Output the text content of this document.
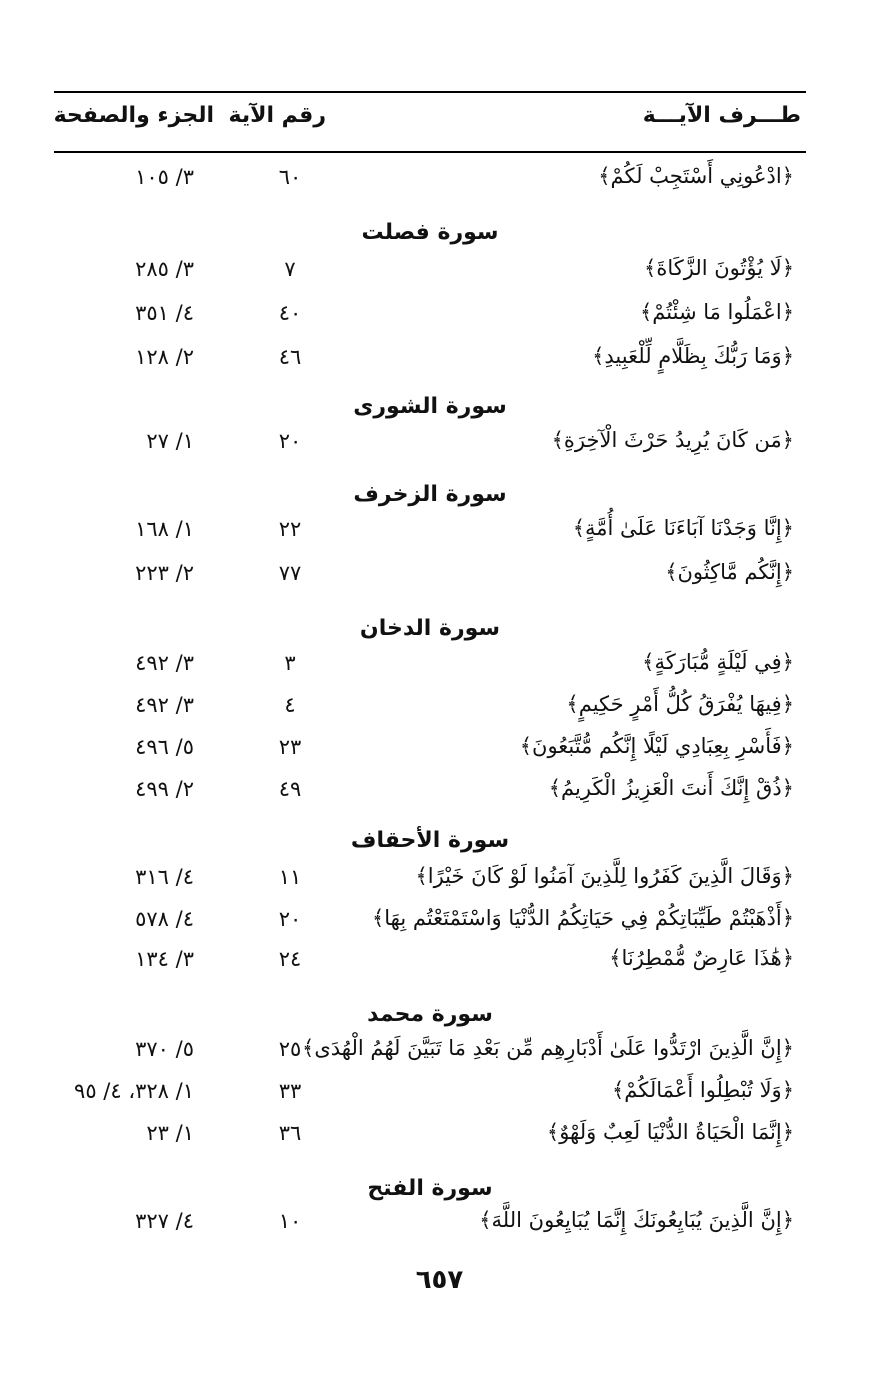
طـــرف الآيـــة
رقم الآية
الجزء والصفحة
﴿ادْعُونِي أَسْتَجِبْ لَكُمْ﴾
٦٠
٣/ ١٠٥
سورة فصلت
﴿لَا يُؤْتُونَ الزَّكَاةَ﴾
٧
٣/ ٢٨٥
﴿اعْمَلُوا مَا شِئْتُمْ﴾
٤٠
٤/ ٣٥١
﴿وَمَا رَبُّكَ بِظَلَّامٍ لِّلْعَبِيدِ﴾
٤٦
٢/ ١٢٨
سورة الشورى
﴿مَن كَانَ يُرِيدُ حَرْثَ الْآخِرَةِ﴾
٢٠
١/ ٢٧
سورة الزخرف
﴿إِنَّا وَجَدْنَا آبَاءَنَا عَلَىٰ أُمَّةٍ﴾
٢٢
١/ ١٦٨
﴿إِنَّكُم مَّاكِثُونَ﴾
٧٧
٢/ ٢٢٣
سورة الدخان
﴿فِي لَيْلَةٍ مُّبَارَكَةٍ﴾
٣
٣/ ٤٩٢
﴿فِيهَا يُفْرَقُ كُلُّ أَمْرٍ حَكِيمٍ﴾
٤
٣/ ٤٩٢
﴿فَأَسْرِ بِعِبَادِي لَيْلًا إِنَّكُم مُّتَّبَعُونَ﴾
٢٣
٥/ ٤٩٦
﴿ذُقْ إِنَّكَ أَنتَ الْعَزِيزُ الْكَرِيمُ﴾
٤٩
٢/ ٤٩٩
سورة الأحقاف
﴿وَقَالَ الَّذِينَ كَفَرُوا لِلَّذِينَ آمَنُوا لَوْ كَانَ خَيْرًا﴾
١١
٤/ ٣١٦
﴿أَذْهَبْتُمْ طَيِّبَاتِكُمْ فِي حَيَاتِكُمُ الدُّنْيَا وَاسْتَمْتَعْتُم بِهَا﴾
٢٠
٤/ ٥٧٨
﴿هَٰذَا عَارِضٌ مُّمْطِرُنَا﴾
٢٤
٣/ ١٣٤
سورة محمد
﴿إِنَّ الَّذِينَ ارْتَدُّوا عَلَىٰ أَدْبَارِهِم مِّن بَعْدِ مَا تَبَيَّنَ لَهُمُ الْهُدَى﴾
٢٥
٥/ ٣٧٠
﴿وَلَا تُبْطِلُوا أَعْمَالَكُمْ﴾
٣٣
١/ ٣٢٨، ٤/ ٩٥
﴿إِنَّمَا الْحَيَاةُ الدُّنْيَا لَعِبٌ وَلَهْوٌ﴾
٣٦
١/ ٢٣
سورة الفتح
﴿إِنَّ الَّذِينَ يُبَايِعُونَكَ إِنَّمَا يُبَايِعُونَ اللَّهَ﴾
١٠
٤/ ٣٢٧
٦٥٧
